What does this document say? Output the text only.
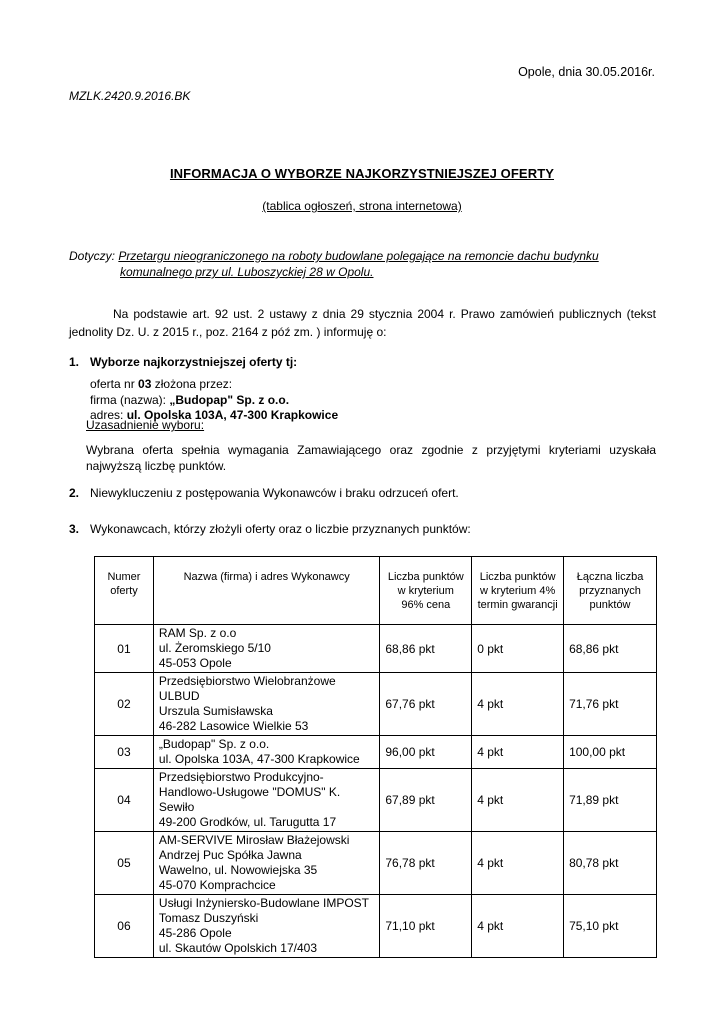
Opole, dnia 30.05.2016r.
MZLK.2420.9.2016.BK
INFORMACJA O WYBORZE NAJKORZYSTNIEJSZEJ OFERTY
(tablica ogłoszeń, strona internetowa)
Dotyczy: Przetargu nieograniczonego na roboty budowlane polegające na remoncie dachu budynku
komunalnego przy ul. Luboszyckiej 28 w Opolu.
Na podstawie art. 92 ust. 2 ustawy z dnia 29 stycznia 2004 r. Prawo zamówień publicznych (tekst jednolity Dz. U. z 2015 r., poz. 2164 z póź zm. ) informuję o:
1. Wyborze najkorzystniejszej oferty tj:
oferta nr 03 złożona przez:
firma (nazwa): „Budopap" Sp. z o.o.
adres: ul. Opolska 103A, 47-300 Krapkowice
Uzasadnienie wyboru:
Wybrana oferta spełnia wymagania Zamawiającego oraz zgodnie z przyjętymi kryteriami uzyskała najwyższą liczbę punktów.
2. Niewykluczeniu z postępowania Wykonawców i braku odrzuceń ofert.
3. Wykonawcach, którzy złożyli oferty oraz o liczbie przyznanych punktów:
Numer oferty	Nazwa (firma) i adres Wykonawcy	Liczba punktów w kryterium 96% cena	Liczba punktów w kryterium 4% termin gwarancji	Łączna liczba przyznanych punktów
01	RAM Sp. z o.o
ul. Żeromskiego 5/10
45-053 Opole	68,86 pkt	0 pkt	68,86 pkt
02	Przedsiębiorstwo Wielobranżowe ULBUD
Urszula Sumisławska
46-282 Lasowice Wielkie 53	67,76 pkt	4 pkt	71,76 pkt
03	„Budopap" Sp. z o.o.
ul. Opolska 103A, 47-300 Krapkowice	96,00 pkt	4 pkt	100,00 pkt
04	Przedsiębiorstwo Produkcyjno-
Handlowo-Usługowe "DOMUS" K. Sewiło
49-200 Grodków, ul. Tarugutta 17	67,89 pkt	4 pkt	71,89 pkt
05	AM-SERVIVE Mirosław Błażejowski
Andrzej Puc Spółka Jawna
Wawelno, ul. Nowowiejska 35
45-070 Komprachcice	76,78 pkt	4 pkt	80,78 pkt
06	Usługi Inżyniersko-Budowlane IMPOST
Tomasz Duszyński
45-286 Opole
ul. Skautów Opolskich 17/403	71,10 pkt	4 pkt	75,10 pkt
